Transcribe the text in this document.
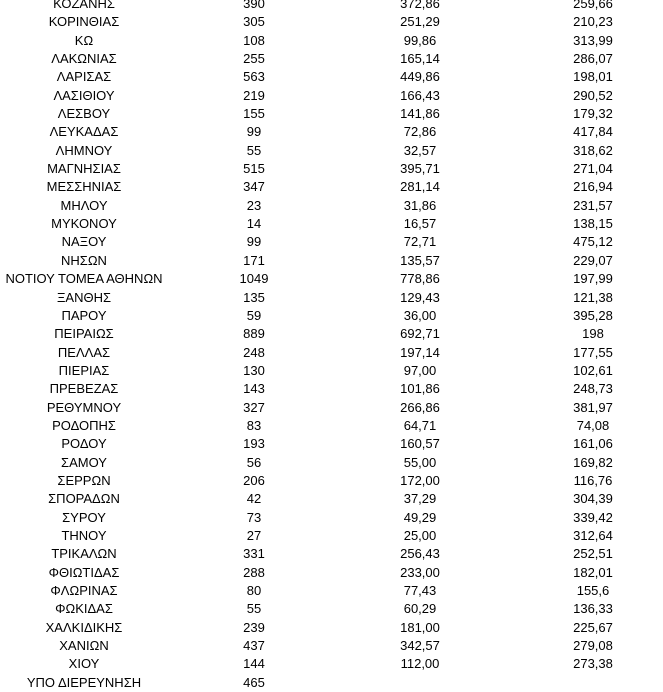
ΚΟΖΑΝΗΣ	390	372,86	259,66
ΚΟΡΙΝΘΙΑΣ	305	251,29	210,23
ΚΩ	108	99,86	313,99
ΛΑΚΩΝΙΑΣ	255	165,14	286,07
ΛΑΡΙΣΑΣ	563	449,86	198,01
ΛΑΣΙΘΙΟΥ	219	166,43	290,52
ΛΕΣΒΟΥ	155	141,86	179,32
ΛΕΥΚΑΔΑΣ	99	72,86	417,84
ΛΗΜΝΟΥ	55	32,57	318,62
ΜΑΓΝΗΣΙΑΣ	515	395,71	271,04
ΜΕΣΣΗΝΙΑΣ	347	281,14	216,94
ΜΗΛΟΥ	23	31,86	231,57
ΜΥΚΟΝΟΥ	14	16,57	138,15
ΝΑΞΟΥ	99	72,71	475,12
ΝΗΣΩΝ	171	135,57	229,07
ΝΟΤΙΟΥ ΤΟΜΕΑ ΑΘΗΝΩΝ	1049	778,86	197,99
ΞΑΝΘΗΣ	135	129,43	121,38
ΠΑΡΟΥ	59	36,00	395,28
ΠΕΙΡΑΙΩΣ	889	692,71	198
ΠΕΛΛΑΣ	248	197,14	177,55
ΠΙΕΡΙΑΣ	130	97,00	102,61
ΠΡΕΒΕΖΑΣ	143	101,86	248,73
ΡΕΘΥΜΝΟΥ	327	266,86	381,97
ΡΟΔΟΠΗΣ	83	64,71	74,08
ΡΟΔΟΥ	193	160,57	161,06
ΣΑΜΟΥ	56	55,00	169,82
ΣΕΡΡΩΝ	206	172,00	116,76
ΣΠΟΡΑΔΩΝ	42	37,29	304,39
ΣΥΡΟΥ	73	49,29	339,42
ΤΗΝΟΥ	27	25,00	312,64
ΤΡΙΚΑΛΩΝ	331	256,43	252,51
ΦΘΙΩΤΙΔΑΣ	288	233,00	182,01
ΦΛΩΡΙΝΑΣ	80	77,43	155,6
ΦΩΚΙΔΑΣ	55	60,29	136,33
ΧΑΛΚΙΔΙΚΗΣ	239	181,00	225,67
ΧΑΝΙΩΝ	437	342,57	279,08
ΧΙΟΥ	144	112,00	273,38
ΥΠΟ ΔΙΕΡΕΥΝΗΣΗ	465
